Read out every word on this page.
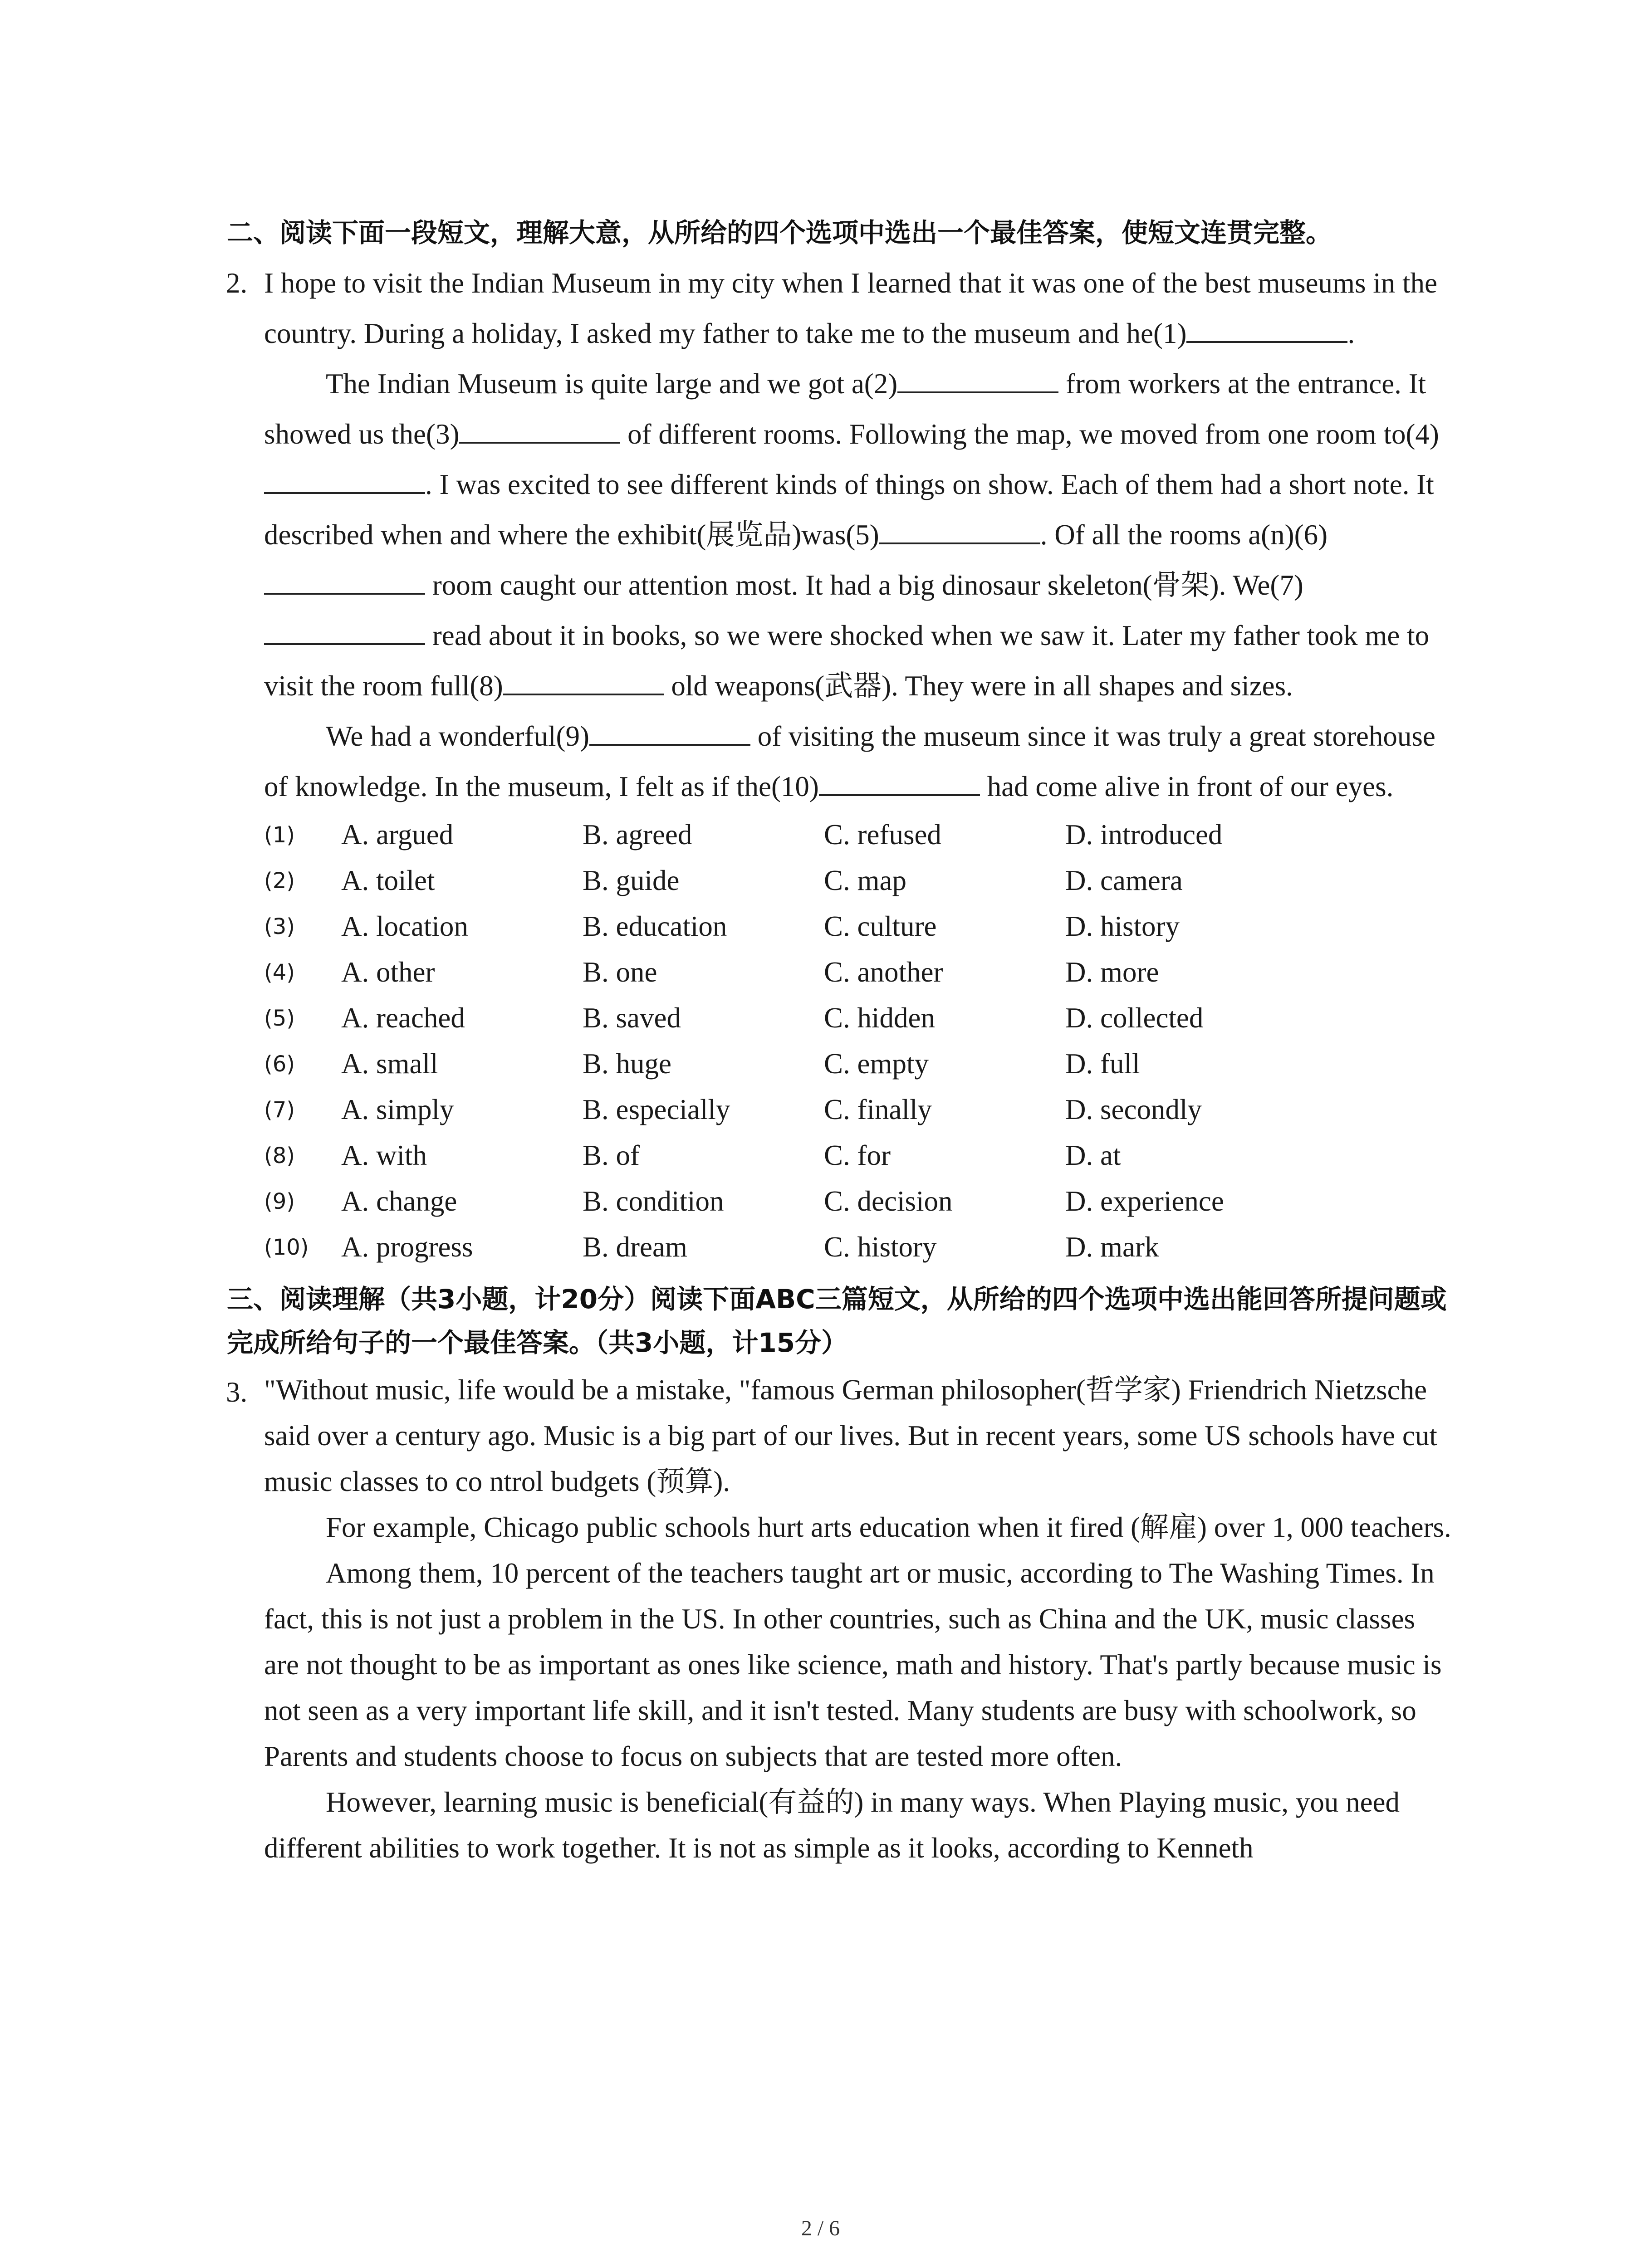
二、阅读下面一段短文，理解大意，从所给的四个选项中选出一个最佳答案，使短文连贯完整。

2. I hope to visit the Indian Museum in my city when I learned that it was one of the best museums in the country. During a holiday, I asked my father to take me to the museum and he(1)	.

The Indian Museum is quite large and we got a(2)	from workers at the entrance. It showed us the(3)	of different rooms. Following the map, we moved from one room to(4). I was excited to see different kinds of things on show. Each of them had a short note. It described when and where the exhibit(展览品)was(5)	. Of all the rooms a(n)(6) room caught our attention most. It had a big dinosaur skeleton(骨架). We(7) read about it in books, so we were shocked when we saw it. Later my father took me to visit the room full(8)	old weapons(武器). They were in all shapes and sizes.

We had a wonderful(9)	of visiting the museum since it was truly a great storehouse of knowledge. In the museum, I felt as if the(10)	had come alive in front of our eyes.

(1)	A. argued	B. agreed	C. refused	D. introduced
(2)	A. toilet	B. guide	C. map	D. camera
(3)	A. location	B. education	C. culture	D. history
(4)	A. other	B. one	C. another	D. more
(5)	A. reached	B. saved	C. hidden	D. collected
(6)	A. small	B. huge	C. empty	D. full
(7)	A. simply	B. especially	C. finally	D. secondly
(8)	A. with	B. of	C. for	D. at
(9)	A. change	B. condition	C. decision	D. experience
(10)	A. progress	B. dream	C. history	D. mark

三、阅读理解（共3小题，计20分）阅读下面ABC三篇短文，从所给的四个选项中选出能回答所提问题或完成所给句子的一个最佳答案。（共3小题，计15分）

3. "Without music, life would be a mistake, "famous German philosopher(哲学家) Friendrich Nietzsche said over a century ago. Music is a big part of our lives. But in recent years, some US schools have cut music classes to co ntrol budgets (预算).

For example, Chicago public schools hurt arts education when it fired (解雇) over 1, 000 teachers.

Among them, 10 percent of the teachers taught art or music, according to The Washing Times. In fact, this is not just a problem in the US. In other countries, such as China and the UK, music classes are not thought to be as important as ones like science, math and history. That's partly because music is not seen as a very important life skill, and it isn't tested. Many students are busy with schoolwork, so Parents and students choose to focus on subjects that are tested more often.

However, learning music is beneficial(有益的) in many ways. When Playing music, you need different abilities to work together. It is not as simple as it looks, according to Kenneth

2 / 6
